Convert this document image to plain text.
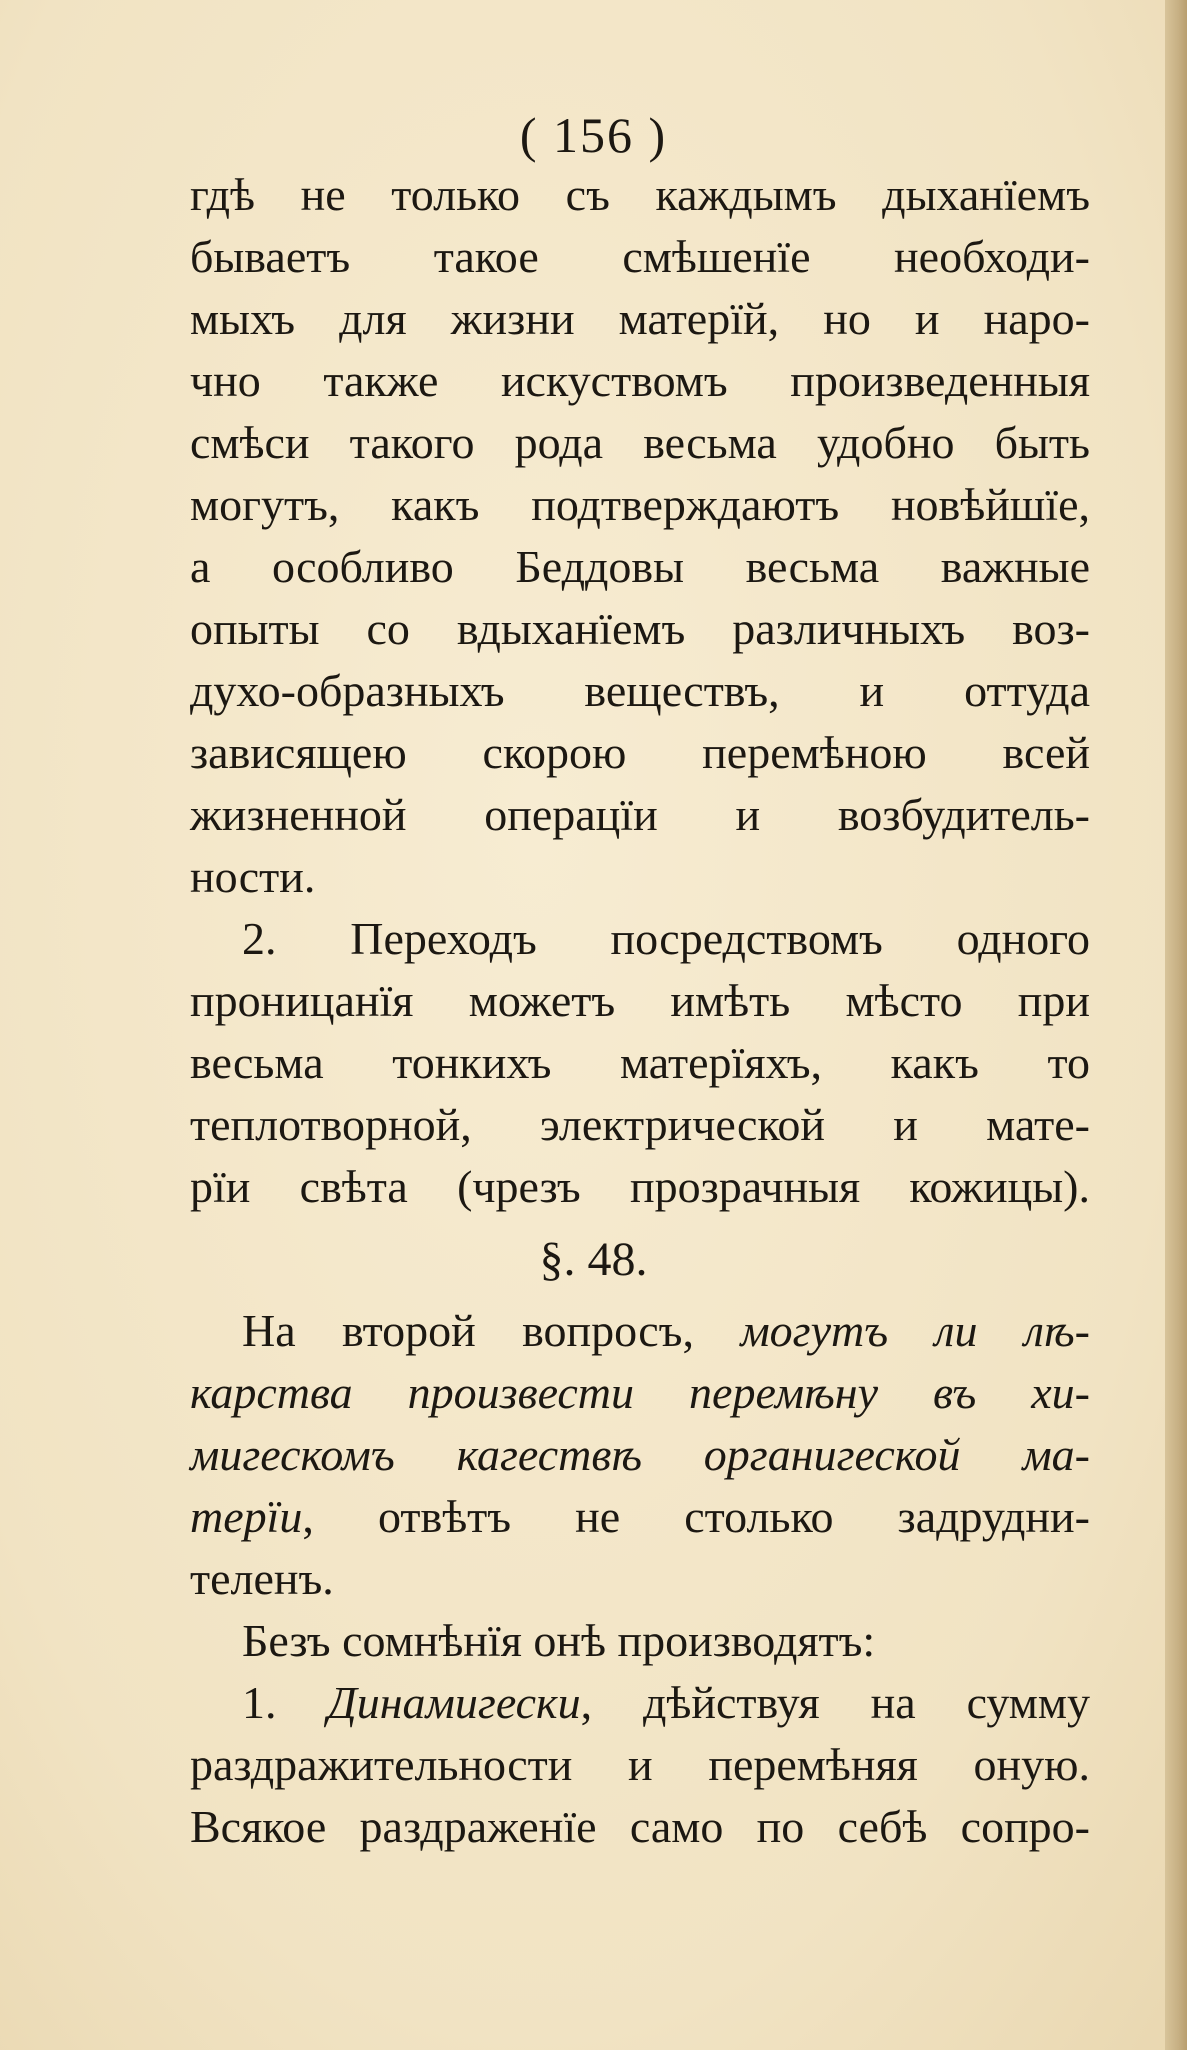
( 156 )
гдѣ не только съ каждымъ дыханїемъ
бываетъ такое смѣшенїе необходи-
мыхъ для жизни матерїй, но и наро-
чно также искуствомъ произведенныя
смѣси такого рода весьма удобно быть
могутъ, какъ подтверждаютъ новѣйшїе,
а особливо Беддовы весьма важные
опыты со вдыханїемъ различныхъ воз-
духо-образныхъ веществъ, и оттуда
зависящею скорою перемѣною всей
жизненной операцїи и возбудитель-
ности.
2. Переходъ посредствомъ одного
проницанїя можетъ имѣть мѣсто при
весьма тонкихъ матерїяхъ, какъ то
теплотворной, электрической и мате-
рїи свѣта (чрезъ прозрачныя кожицы).
§. 48.
На второй вопросъ, могутъ ли лѣ-
карства произвести перемѣну въ хи-
мигескомъ кагествѣ органигеской ма-
терїи, отвѣтъ не столько задрудни-
теленъ.
Безъ сомнѣнїя онѣ производятъ:
1. Динамигески, дѣйствуя на сумму
раздражительности и перемѣняя оную.
Всякое раздраженїе само по себѣ сопро-
